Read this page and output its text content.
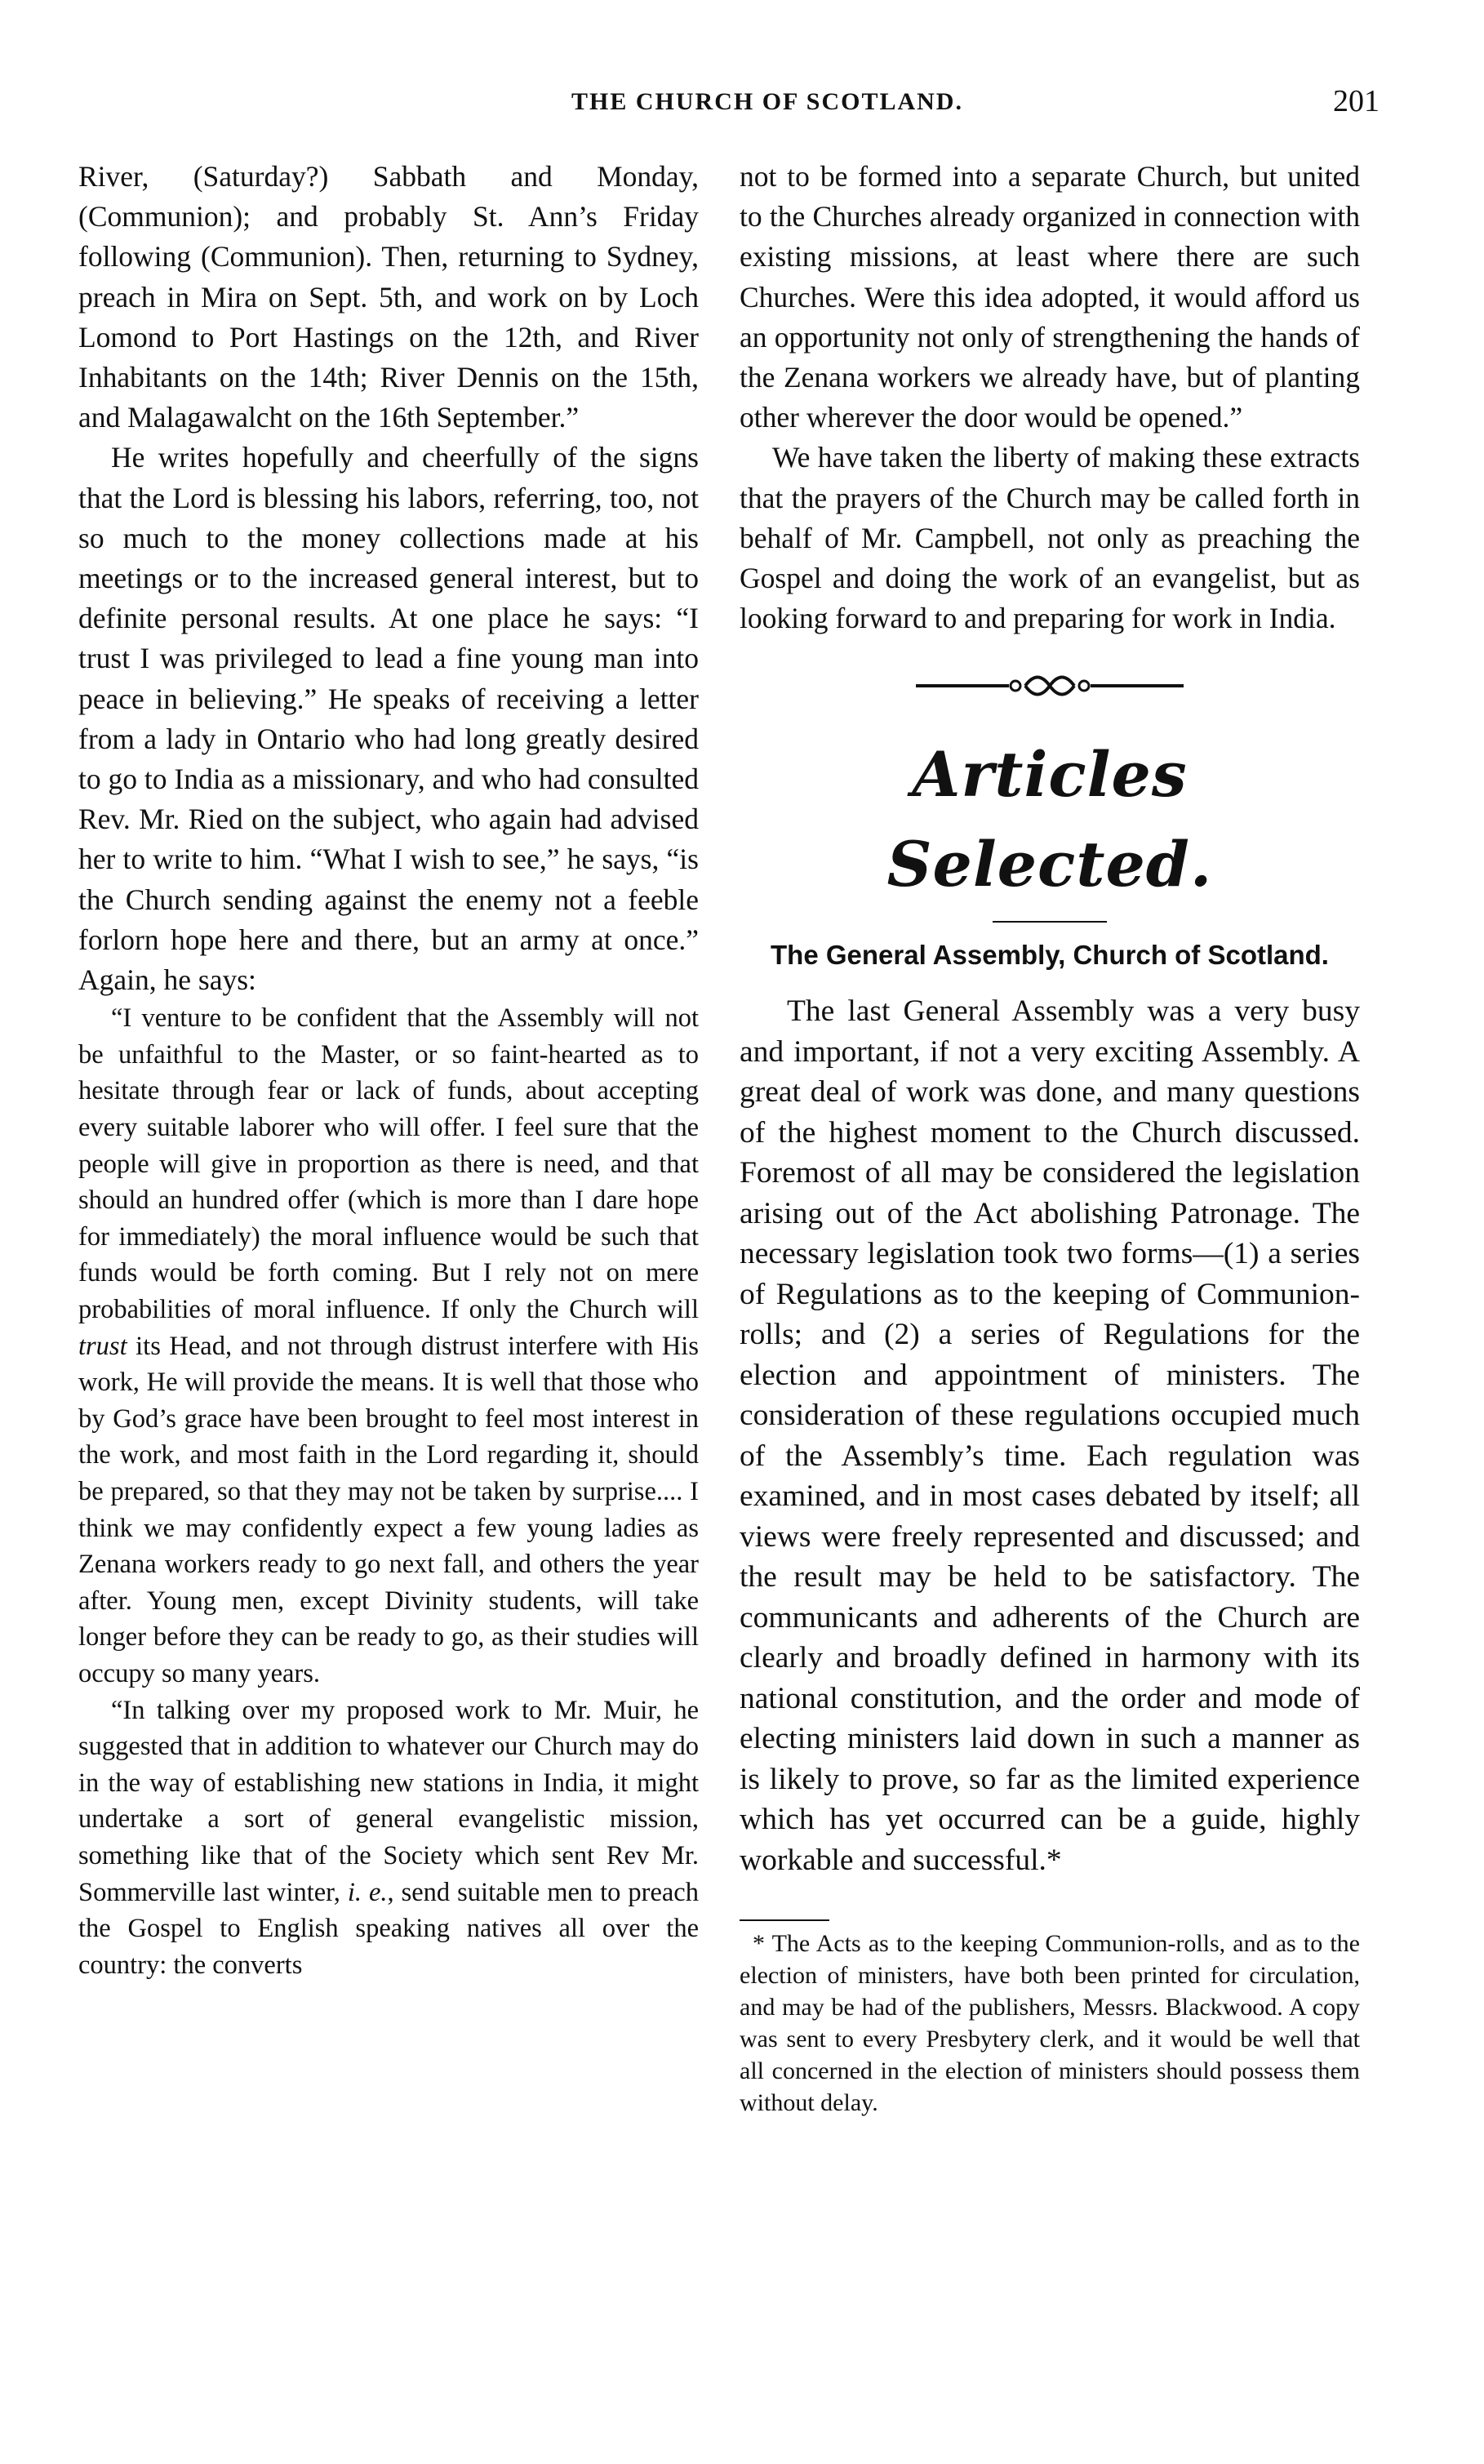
THE CHURCH OF SCOTLAND.	201

River, (Saturday?) Sabbath and Monday, (Communion); and probably St. Ann’s Friday following (Communion). Then, returning to Sydney, preach in Mira on Sept. 5th, and work on by Loch Lomond to Port Hastings on the 12th, and River Inhabitants on the 14th; River Dennis on the 15th, and Malagawalcht on the 16th September.”

He writes hopefully and cheerfully of the signs that the Lord is blessing his labors, referring, too, not so much to the money collections made at his meetings or to the increased general interest, but to definite personal results. At one place he says: “I trust I was privileged to lead a fine young man into peace in believing.” He speaks of receiving a letter from a lady in Ontario who had long greatly desired to go to India as a missionary, and who had consulted Rev. Mr. Ried on the subject, who again had advised her to write to him. “What I wish to see,” he says, “is the Church sending against the enemy not a feeble forlorn hope here and there, but an army at once.” Again, he says:

“I venture to be confident that the Assembly will not be unfaithful to the Master, or so faint-hearted as to hesitate through fear or lack of funds, about accepting every suitable laborer who will offer. I feel sure that the people will give in proportion as there is need, and that should an hundred offer (which is more than I dare hope for immediately) the moral influence would be such that funds would be forth coming. But I rely not on mere probabilities of moral influence. If only the Church will trust its Head, and not through distrust interfere with His work, He will provide the means. It is well that those who by God’s grace have been brought to feel most interest in the work, and most faith in the Lord regarding it, should be prepared, so that they may not be taken by surprise.... I think we may confidently expect a few young ladies as Zenana workers ready to go next fall, and others the year after. Young men, except Divinity students, will take longer before they can be ready to go, as their studies will occupy so many years.

“In talking over my proposed work to Mr. Muir, he suggested that in addition to whatever our Church may do in the way of establishing new stations in India, it might undertake a sort of general evangelistic mission, something like that of the Society which sent Rev Mr. Sommerville last winter, i. e., send suitable men to preach the Gospel to English speaking natives all over the country: the converts

not to be formed into a separate Church, but united to the Churches already organized in connection with existing missions, at least where there are such Churches. Were this idea adopted, it would afford us an opportunity not only of strengthening the hands of the Zenana workers we already have, but of planting other wherever the door would be opened.”

We have taken the liberty of making these extracts that the prayers of the Church may be called forth in behalf of Mr. Campbell, not only as preaching the Gospel and doing the work of an evangelist, but as looking forward to and preparing for work in India.

Articles Selected.
The General Assembly, Church of Scotland.

The last General Assembly was a very busy and important, if not a very exciting Assembly. A great deal of work was done, and many questions of the highest moment to the Church discussed. Foremost of all may be considered the legislation arising out of the Act abolishing Patronage. The necessary legislation took two forms—(1) a series of Regulations as to the keeping of Communion-rolls; and (2) a series of Regulations for the election and appointment of ministers. The consideration of these regulations occupied much of the Assembly’s time. Each regulation was examined, and in most cases debated by itself; all views were freely represented and discussed; and the result may be held to be satisfactory. The communicants and adherents of the Church are clearly and broadly defined in harmony with its national constitution, and the order and mode of electing ministers laid down in such a manner as is likely to prove, so far as the limited experience which has yet occurred can be a guide, highly workable and successful.*

* The Acts as to the keeping Communion-rolls, and as to the election of ministers, have both been printed for circulation, and may be had of the publishers, Messrs. Blackwood. A copy was sent to every Presbytery clerk, and it would be well that all concerned in the election of ministers should possess them without delay.
